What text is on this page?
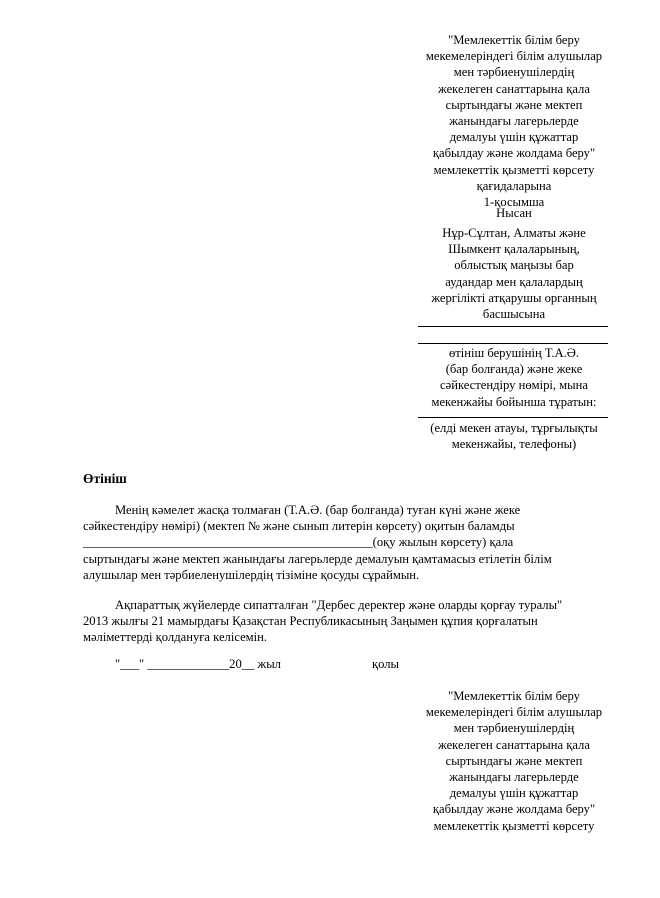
"Мемлекеттік білім беру
мекемелеріндегі білім алушылар
мен тәрбиенушілердің
жекелеген санаттарына қала
сыртындағы және мектеп
жанындағы лагерьлерде
демалуы үшін құжаттар
қабылдау және жолдама беру"
мемлекеттік қызметті көрсету
қағидаларына
1-қосымша
Нысан
Нұр-Сұлтан, Алматы және
Шымкент қалаларының,
облыстық маңызы бар
аудандар мен қалалардың
жергілікті атқарушы органның
басшысына
өтініш берушінің Т.А.Ә.
(бар болғанда) және жеке
сәйкестендіру нөмірі, мына
мекенжайы бойынша тұратын:
(елді мекен атауы, тұрғылықты
мекенжайы, телефоны)
Өтініш
Менің кәмелет жасқа толмаған (Т.А.Ә. (бар болғанда) туған күні және жеке
сәйкестендіру нөмірі) (мектеп № және сынып литерін көрсету) оқитын баламды
______________________________________________(оқу жылын көрсету) қала
сыртындағы және мектеп жанындағы лагерьлерде демалуын қамтамасыз етілетін білім
алушылар мен тәрбиеленушілердің тізіміне қосуды сұраймын.
Ақпараттық жүйелерде сипатталған "Дербес деректер және оларды қорғау туралы"
2013 жылғы 21 мамырдағы Қазақстан Республикасының Заңымен құпия қорғалатын
мәліметтерді қолдануға келісемін.
"___" _____________20__ жыл	қолы
"Мемлекеттік білім беру
мекемелеріндегі білім алушылар
мен тәрбиенушілердің
жекелеген санаттарына қала
сыртындағы және мектеп
жанындағы лагерьлерде
демалуы үшін құжаттар
қабылдау және жолдама беру"
мемлекеттік қызметті көрсету
